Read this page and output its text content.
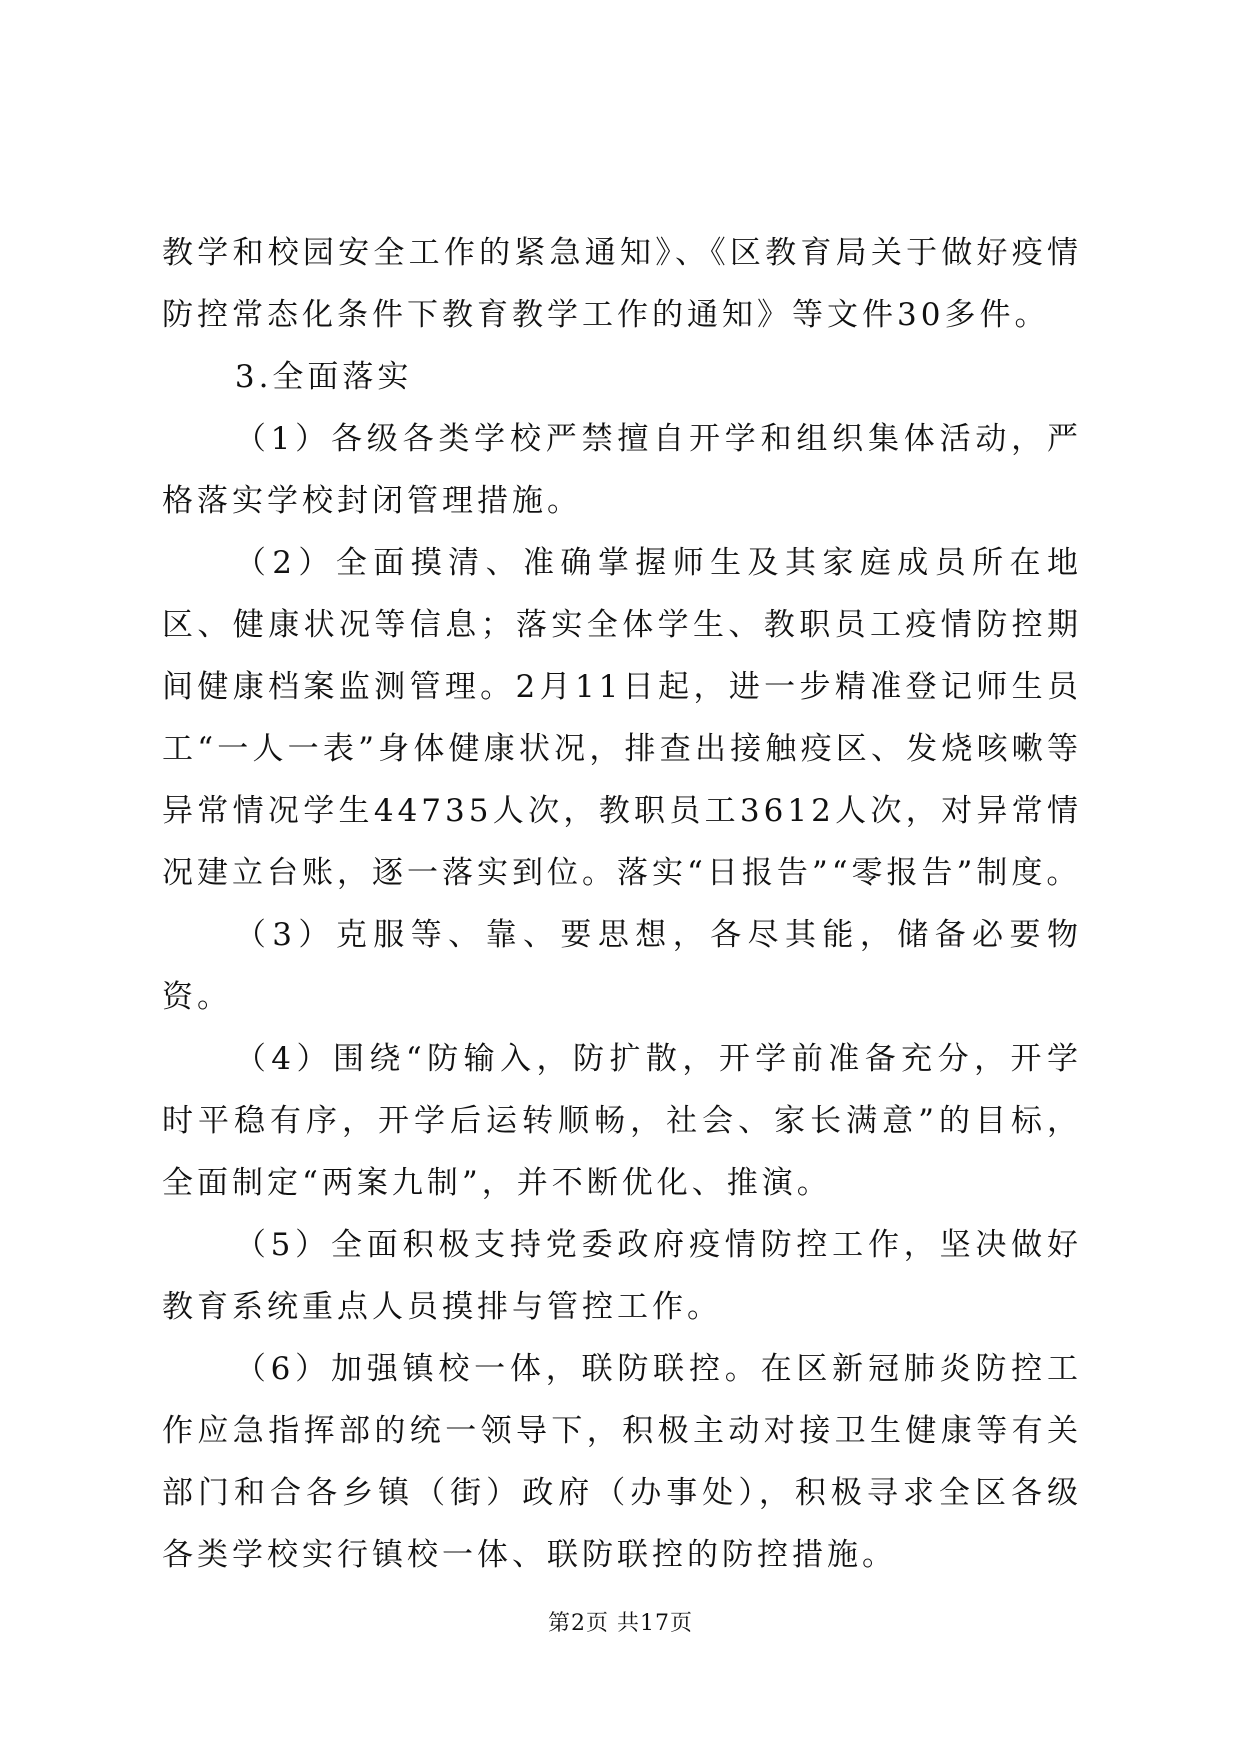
教学和校园安全工作的紧急通知》、《区教育局关于做好疫情防控常态化条件下教育教学工作的通知》等文件30多件。

3.全面落实

（1）各级各类学校严禁擅自开学和组织集体活动，严格落实学校封闭管理措施。

（2）全面摸清、准确掌握师生及其家庭成员所在地区、健康状况等信息；落实全体学生、教职员工疫情防控期间健康档案监测管理。2月11日起，进一步精准登记师生员工“一人一表”身体健康状况，排查出接触疫区、发烧咳嗽等异常情况学生44735人次，教职员工3612人次，对异常情况建立台账，逐一落实到位。落实“日报告”“零报告”制度。

（3）克服等、靠、要思想，各尽其能，储备必要物资。

（4）围绕“防输入，防扩散，开学前准备充分，开学时平稳有序，开学后运转顺畅，社会、家长满意”的目标，全面制定“两案九制”，并不断优化、推演。

（5）全面积极支持党委政府疫情防控工作，坚决做好教育系统重点人员摸排与管控工作。

（6）加强镇校一体，联防联控。在区新冠肺炎防控工作应急指挥部的统一领导下，积极主动对接卫生健康等有关部门和合各乡镇（街）政府（办事处），积极寻求全区各级各类学校实行镇校一体、联防联控的防控措施。

第2页 共17页
